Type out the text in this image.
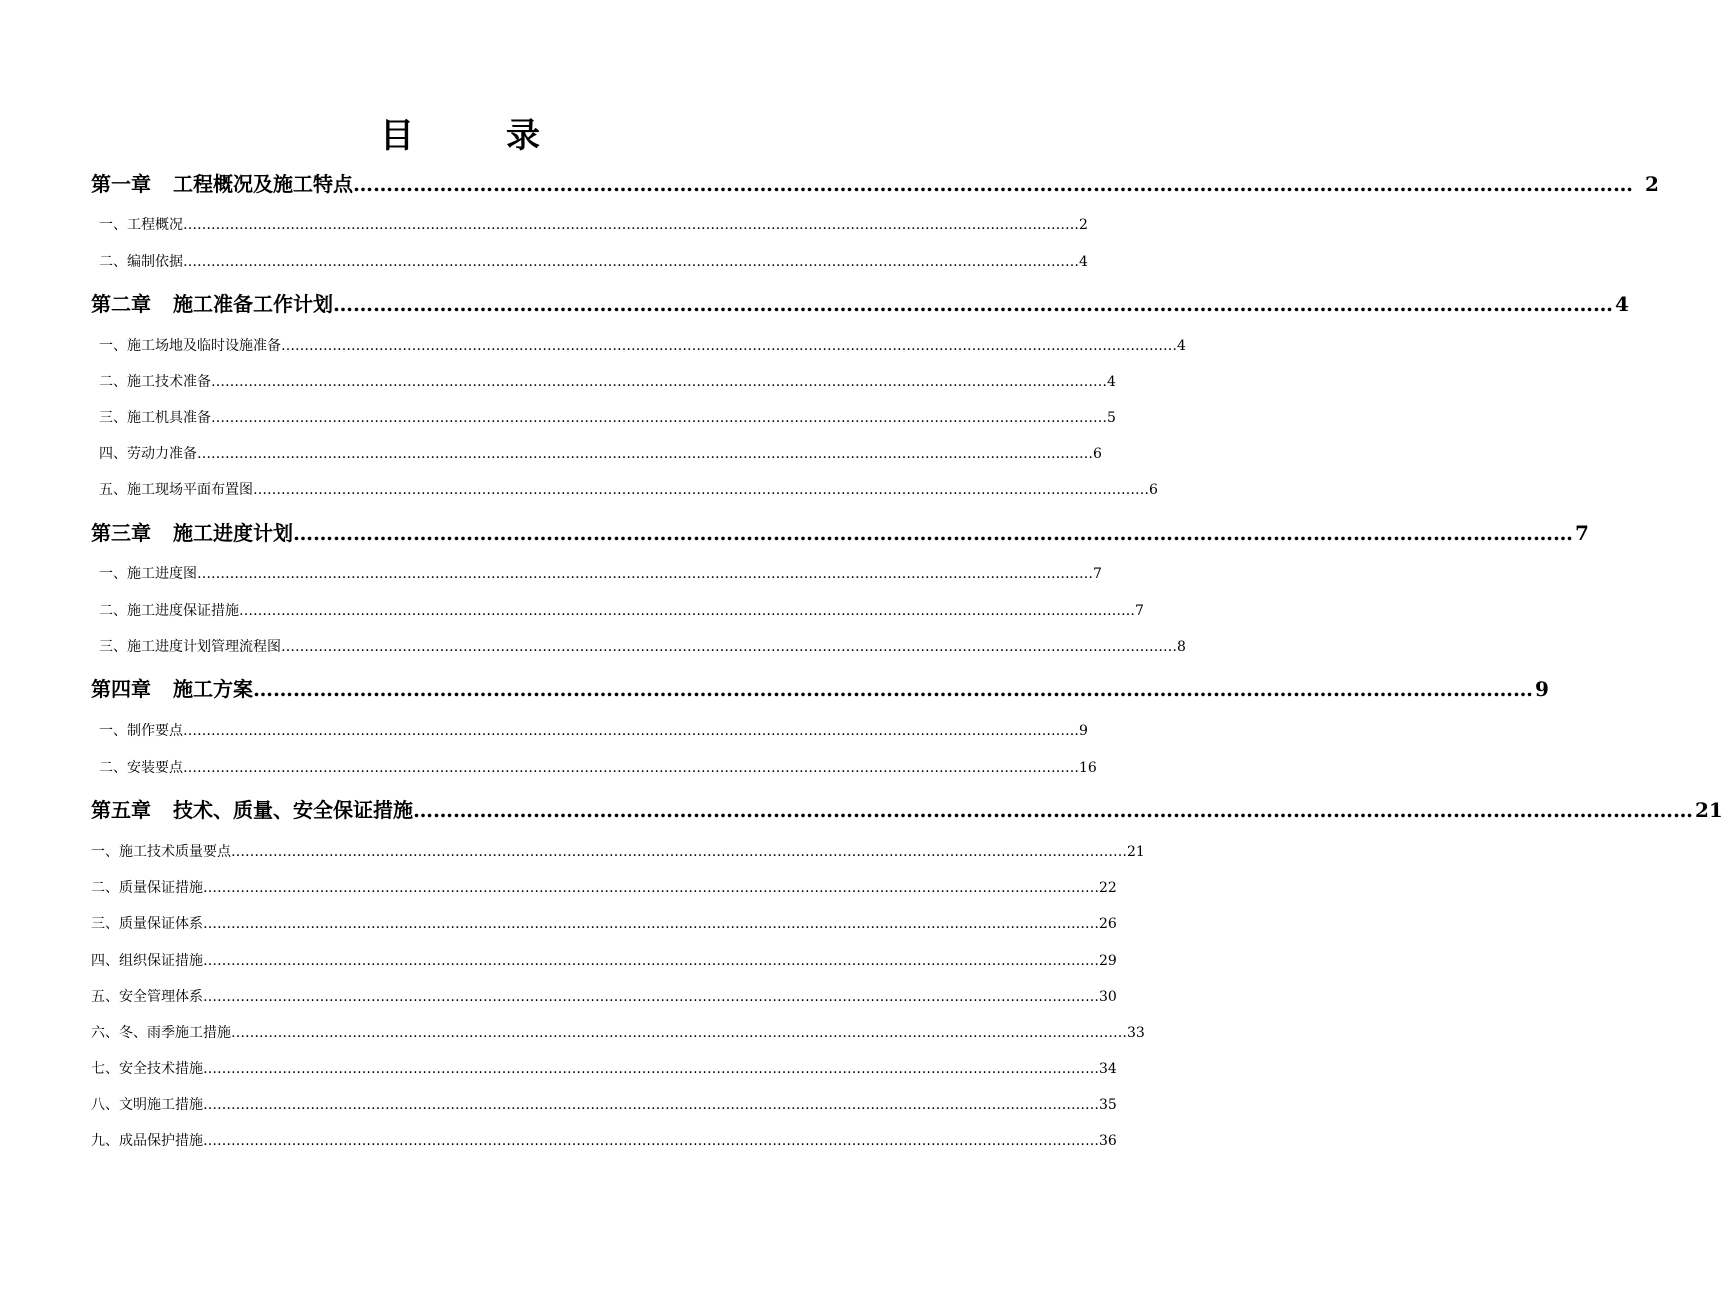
目	录
第一章 工程概况及施工特点 ………………………………………………………………………………………………………………………………………………………………………… 2
一、工程概况 ………………………………………………………………………………………………………………………………………………………………………… 2
二、编制依据 ………………………………………………………………………………………………………………………………………………………………………… 4
第二章 施工准备工作计划 ………………………………………………………………………………………………………………………………………………………………………… 4
一、施工场地及临时设施准备 ………………………………………………………………………………………………………………………………………………………………………… 4
二、施工技术准备 ………………………………………………………………………………………………………………………………………………………………………… 4
三、施工机具准备 ………………………………………………………………………………………………………………………………………………………………………… 5
四、劳动力准备 ………………………………………………………………………………………………………………………………………………………………………… 6
五、施工现场平面布置图 ………………………………………………………………………………………………………………………………………………………………………… 6
第三章 施工进度计划 ………………………………………………………………………………………………………………………………………………………………………… 7
一、施工进度图 ………………………………………………………………………………………………………………………………………………………………………… 7
二、施工进度保证措施 ………………………………………………………………………………………………………………………………………………………………………… 7
三、施工进度计划管理流程图 ………………………………………………………………………………………………………………………………………………………………………… 8
第四章 施工方案 ………………………………………………………………………………………………………………………………………………………………………… 9
一、制作要点 ………………………………………………………………………………………………………………………………………………………………………… 9
二、安装要点 ………………………………………………………………………………………………………………………………………………………………………… 16
第五章 技术、质量、安全保证措施 ………………………………………………………………………………………………………………………………………………………………………… 21
一、施工技术质量要点 ………………………………………………………………………………………………………………………………………………………………………… 21
二、质量保证措施 ………………………………………………………………………………………………………………………………………………………………………… 22
三、质量保证体系 ………………………………………………………………………………………………………………………………………………………………………… 26
四、组织保证措施 ………………………………………………………………………………………………………………………………………………………………………… 29
五、安全管理体系 ………………………………………………………………………………………………………………………………………………………………………… 30
六、冬、雨季施工措施 ………………………………………………………………………………………………………………………………………………………………………… 33
七、安全技术措施 ………………………………………………………………………………………………………………………………………………………………………… 34
八、文明施工措施 ………………………………………………………………………………………………………………………………………………………………………… 35
九、成品保护措施 ………………………………………………………………………………………………………………………………………………………………………… 36
